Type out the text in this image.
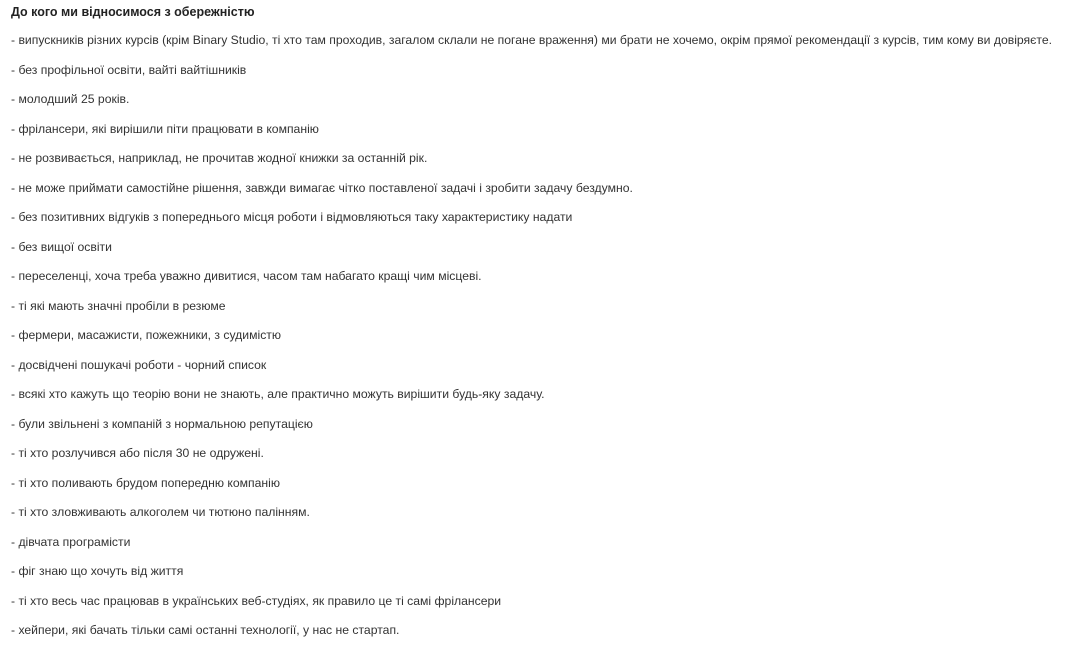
До кого ми відносимося з обережністю
- випускників різних курсів (крім Binary Studio, ті хто там проходив, загалом склали не погане враження) ми брати не хочемо, окрім прямої рекомендації з курсів, тим кому ви довіряєте.
- без профільної освіти, вайті вайтішників
- молодший 25 років.
- фрілансери, які вирішили піти працювати в компанію
- не розвивається, наприклад, не прочитав жодної книжки за останній рік.
- не може приймати самостійне рішення, завжди вимагає чітко поставленої задачі і зробити задачу бездумно.
- без позитивних відгуків з попереднього місця роботи і відмовляються таку характеристику надати
- без вищої освіти
- переселенці, хоча треба уважно дивитися, часом там набагато кращі чим місцеві.
- ті які мають значні пробіли в резюме
- фермери, масажисти, пожежники, з судимістю
- досвідчені пошукачі роботи - чорний список
- всякі хто кажуть що теорію вони не знають, але практично можуть вирішити будь-яку задачу.
- були звільнені з компаній з нормальною репутацією
- ті хто розлучився або після 30 не одружені.
- ті хто поливають брудом попередню компанію
- ті хто зловживають алкоголем чи тютюно палінням.
- дівчата програмісти
- фіг знаю що хочуть від життя
- ті хто весь час працював в українських веб-студіях, як правило це ті самі фрілансери
- хейпери, які бачать тільки самі останні технології, у нас не стартап.
